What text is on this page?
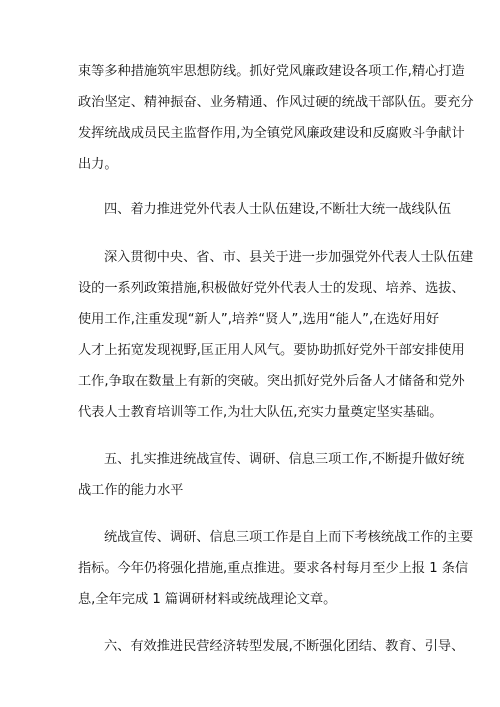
束等多种措施筑牢思想防线。抓好党风廉政建设各项工作,精心打造
政治坚定、精神振奋、业务精通、作风过硬的统战干部队伍。要充分
发挥统战成员民主监督作用,为全镇党风廉政建设和反腐败斗争献计
出力。
四、着力推进党外代表人士队伍建设,不断壮大统一战线队伍
深入贯彻中央、省、市、县关于进一步加强党外代表人士队伍建
设的一系列政策措施,积极做好党外代表人士的发现、培养、选拔、
使用工作,注重发现“新人”,培养“贤人”,选用“能人”,在选好用好
人才上拓宽发现视野,匡正用人风气。要协助抓好党外干部安排使用
工作,争取在数量上有新的突破。突出抓好党外后备人才储备和党外
代表人士教育培训等工作,为壮大队伍,充实力量奠定坚实基础。
五、扎实推进统战宣传、调研、信息三项工作,不断提升做好统
战工作的能力水平
统战宣传、调研、信息三项工作是自上而下考核统战工作的主要
指标。今年仍将强化措施,重点推进。要求各村每月至少上报 1 条信
息,全年完成 1 篇调研材料或统战理论文章。
六、有效推进民营经济转型发展,不断强化团结、教育、引导、
